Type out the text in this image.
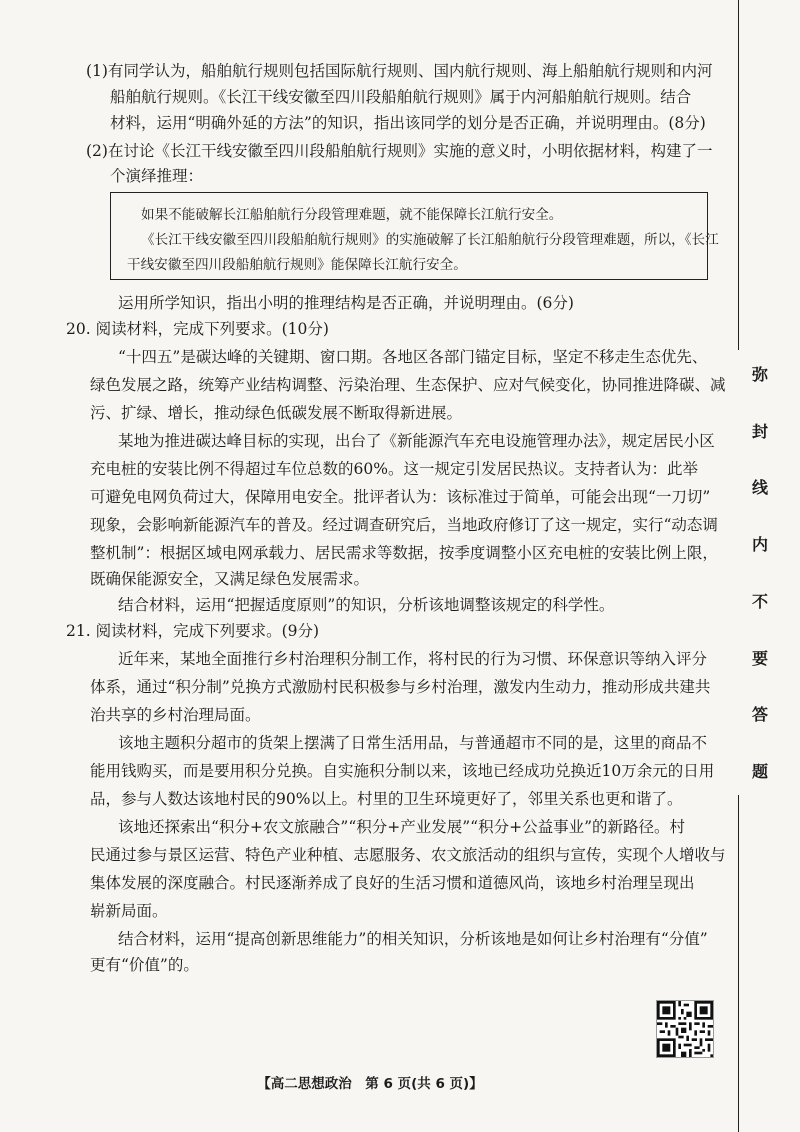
(1)有同学认为，船舶航行规则包括国际航行规则、国内航行规则、海上船舶航行规则和内河

船舶航行规则。《长江干线安徽至四川段船舶航行规则》属于内河船舶航行规则。结合

材料，运用“明确外延的方法”的知识，指出该同学的划分是否正确，并说明理由。(8分)

(2)在讨论《长江干线安徽至四川段船舶航行规则》实施的意义时，小明依据材料，构建了一

个演绎推理：

如果不能破解长江船舶航行分段管理难题，就不能保障长江航行安全。
《长江干线安徽至四川段船舶航行规则》的实施破解了长江船舶航行分段管理难题，所以，《长江
干线安徽至四川段船舶航行规则》能保障长江航行安全。

运用所学知识，指出小明的推理结构是否正确，并说明理由。(6分)

20. 阅读材料，完成下列要求。(10分)

“十四五”是碳达峰的关键期、窗口期。各地区各部门锚定目标，坚定不移走生态优先、

绿色发展之路，统筹产业结构调整、污染治理、生态保护、应对气候变化，协同推进降碳、减

污、扩绿、增长，推动绿色低碳发展不断取得新进展。

某地为推进碳达峰目标的实现，出台了《新能源汽车充电设施管理办法》，规定居民小区

充电桩的安装比例不得超过车位总数的60%。这一规定引发居民热议。支持者认为：此举

可避免电网负荷过大，保障用电安全。批评者认为：该标准过于简单，可能会出现“一刀切”

现象，会影响新能源汽车的普及。经过调查研究后，当地政府修订了这一规定，实行“动态调

整机制”：根据区域电网承载力、居民需求等数据，按季度调整小区充电桩的安装比例上限，

既确保能源安全，又满足绿色发展需求。

结合材料，运用“把握适度原则”的知识，分析该地调整该规定的科学性。

21. 阅读材料，完成下列要求。(9分)

近年来，某地全面推行乡村治理积分制工作，将村民的行为习惯、环保意识等纳入评分

体系，通过“积分制”兑换方式激励村民积极参与乡村治理，激发内生动力，推动形成共建共

治共享的乡村治理局面。

该地主题积分超市的货架上摆满了日常生活用品，与普通超市不同的是，这里的商品不

能用钱购买，而是要用积分兑换。自实施积分制以来，该地已经成功兑换近10万余元的日用

品，参与人数达该地村民的90%以上。村里的卫生环境更好了，邻里关系也更和谐了。

该地还探索出“积分+农文旅融合”“积分+产业发展”“积分+公益事业”的新路径。村

民通过参与景区运营、特色产业种植、志愿服务、农文旅活动的组织与宣传，实现个人增收与

集体发展的深度融合。村民逐渐养成了良好的生活习惯和道德风尚，该地乡村治理呈现出

崭新局面。

结合材料，运用“提高创新思维能力”的相关知识，分析该地是如何让乡村治理有“分值”

更有“价值”的。

【高二思想政治　第 6 页(共 6 页)】
弥
封
线
内
不
要
答
题
